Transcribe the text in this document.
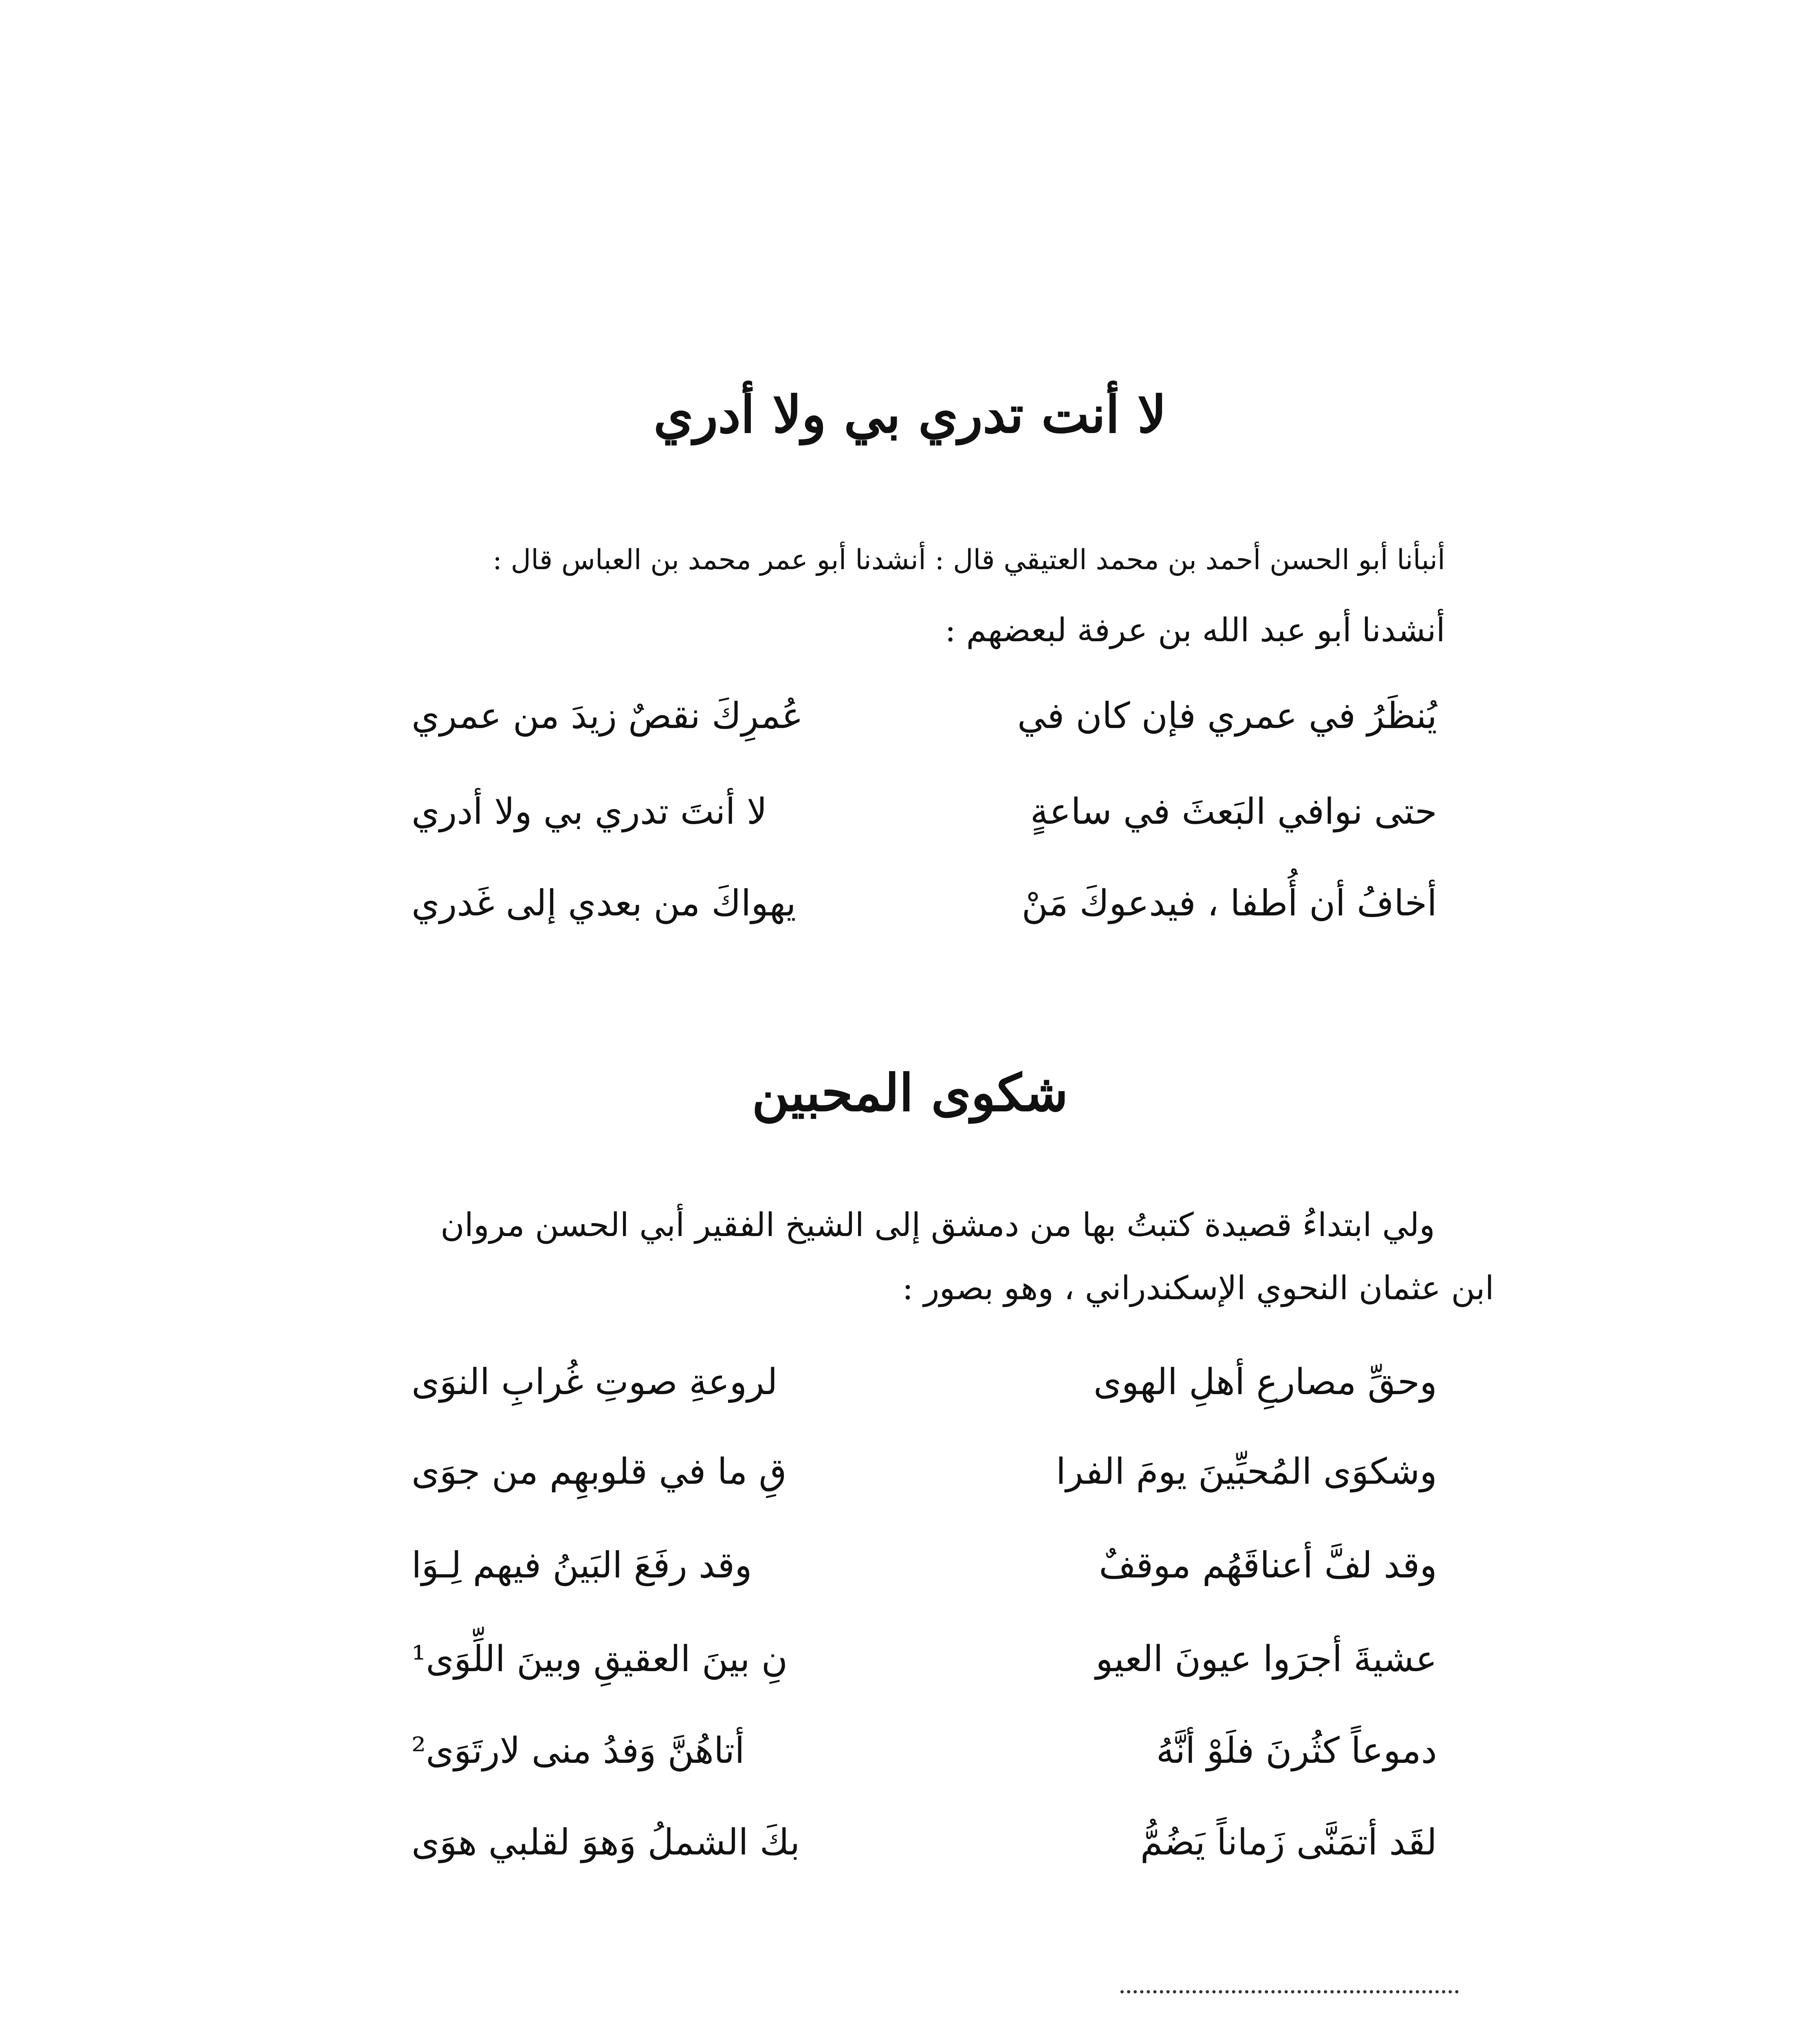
لا أنت تدري بي ولا أدري

أنبأنا أبو الحسن أحمد بن محمد العتيقي قال : أنشدنا أبو عمر محمد بن العباس قال :

أنشدنا أبو عبد الله بن عرفة لبعضهم :

يُنظَرُ في عمري فإن كان في
عُمرِكَ نقصٌ زيدَ من عمري
حتى نوافي البَعثَ في ساعةٍ
لا أنتَ تدري بي ولا أدري
أخافُ أن أُطفا ، فيدعوكَ مَنْ
يهواكَ من بعدي إلى غَدري
شكوى المحبين

ولي ابتداءُ قصيدة كتبتُ بها من دمشق إلى الشيخ الفقير أبي الحسن مروان

ابن عثمان النحوي الإسكندراني ، وهو بصور :

وحقِّ مصارعِ أهلِ الهوى
لروعةِ صوتِ غُرابِ النوَى
وشكوَى المُحبِّينَ يومَ الفرا
قِ ما في قلوبهِم من جوَى
وقد لفَّ أعناقَهُم موقفٌ
وقد رفَعَ البَينُ فيهم لِـوَا
عشيةَ أجرَوا عيونَ العيو
نِ بينَ العقيقِ وبينَ اللِّوَى¹
دموعاً كثُرنَ فلَوْ أنَّهُ
أتاهُنَّ وَفدُ منى لارتَوَى²
لقَد أتمَنَّى زَماناً يَضُمُّ
بكَ الشملُ وَهوَ لقلبي هوَى
